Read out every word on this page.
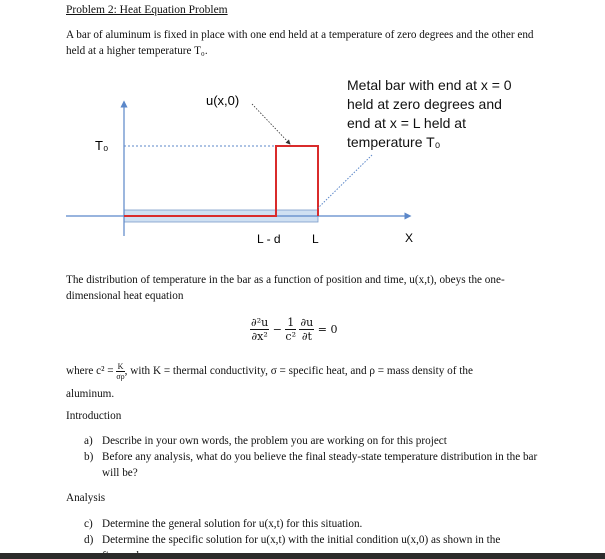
Problem 2: Heat Equation Problem
A bar of aluminum is fixed in place with one end held at a temperature of zero degrees and the other end held at a higher temperature T₀.
u(x,0)
T₀
L - d	L	X
Metal bar with end at x = 0
held at zero degrees and
end at x = L held at
temperature T₀
The distribution of temperature in the bar as a function of position and time, u(x,t), obeys the one-dimensional heat equation
$\frac{\text{∂²u}}{\text{∂x²}} - \frac{1}{\text{c²}}$
$\frac{\partial u}{\partial t} = 0$
where $c^2 = \frac{K}{\sigma\rho}$ , with K = thermal conductivity, σ = specific heat, and ρ = mass density of the
aluminum.
Introduction
a) Describe in your own words, the problem you are working on for this project
b) Before any analysis, what do you believe the final steady-state temperature distribution in the bar will be?
Analysis
c) Determine the general solution for u(x,t) for this situation.
d) Determine the specific solution for u(x,t) with the initial condition u(x,0) as shown in the
